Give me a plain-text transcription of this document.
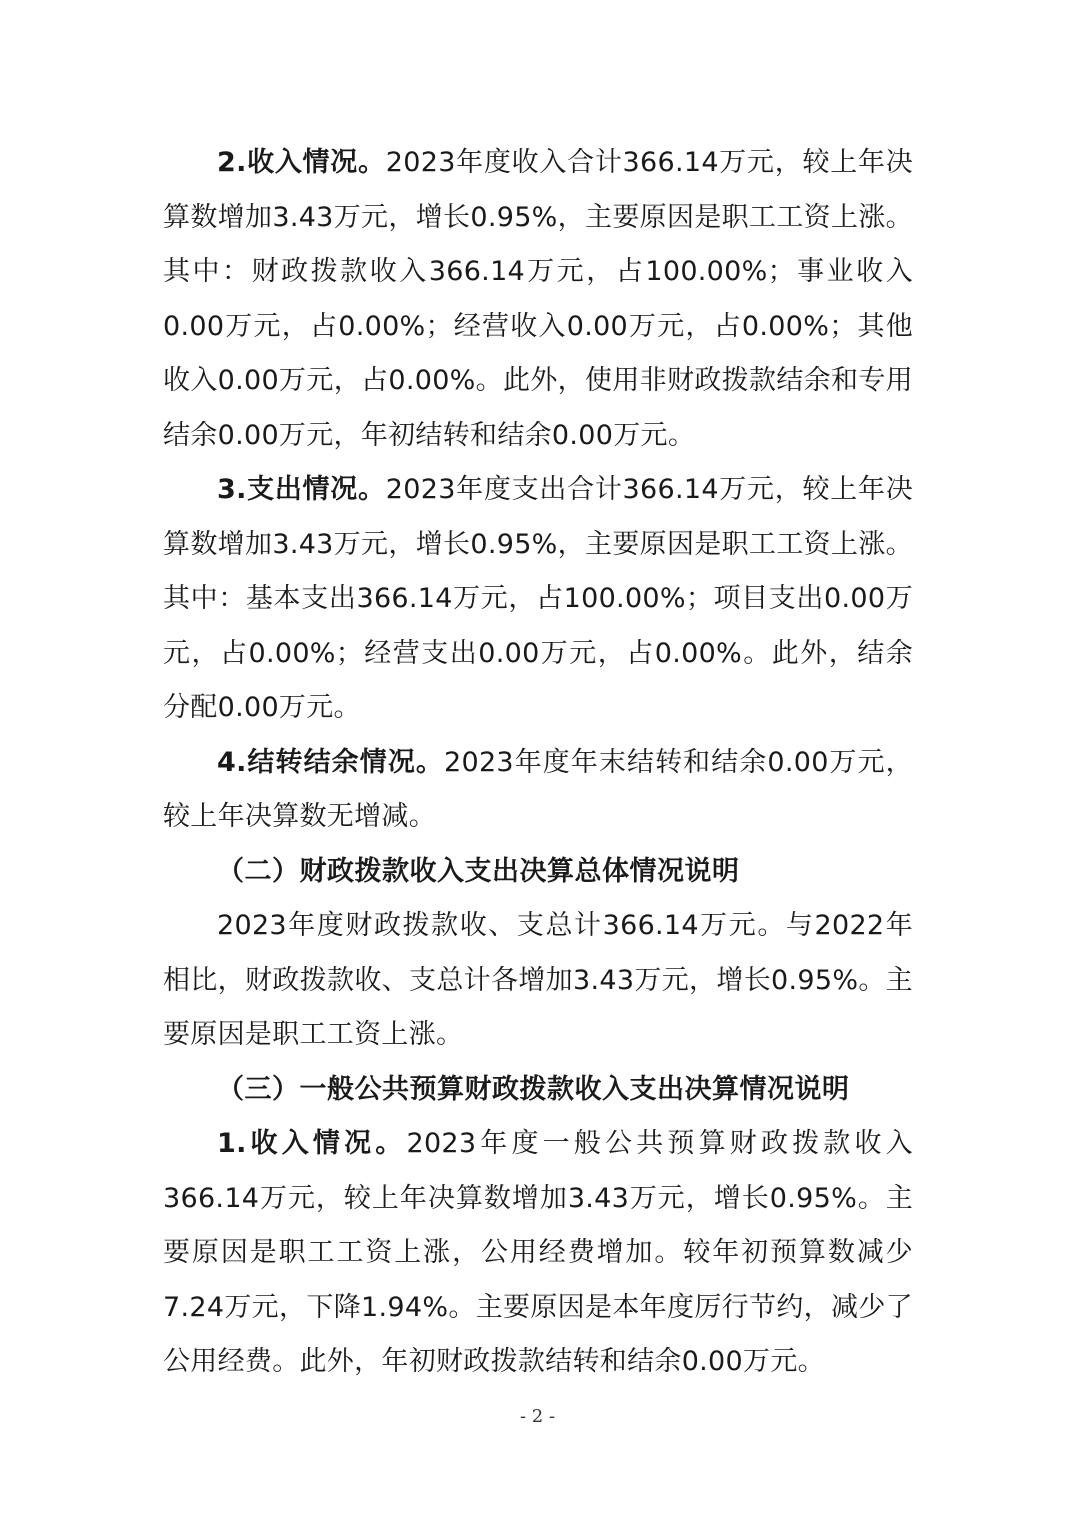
2.收入情况。2023年度收入合计366.14万元，较上年决算数增加3.43万元，增长0.95%，主要原因是职工工资上涨。其中：财政拨款收入366.14万元，占100.00%；事业收入0.00万元，占0.00%；经营收入0.00万元，占0.00%；其他收入0.00万元，占0.00%。此外，使用非财政拨款结余和专用结余0.00万元，年初结转和结余0.00万元。

3.支出情况。2023年度支出合计366.14万元，较上年决算数增加3.43万元，增长0.95%，主要原因是职工工资上涨。其中：基本支出366.14万元，占100.00%；项目支出0.00万元，占0.00%；经营支出0.00万元，占0.00%。此外，结余分配0.00万元。

4.结转结余情况。2023年度年末结转和结余0.00万元，较上年决算数无增减。

（二）财政拨款收入支出决算总体情况说明

2023年度财政拨款收、支总计366.14万元。与2022年相比，财政拨款收、支总计各增加3.43万元，增长0.95%。主要原因是职工工资上涨。

（三）一般公共预算财政拨款收入支出决算情况说明

1.收入情况。2023年度一般公共预算财政拨款收入366.14万元，较上年决算数增加3.43万元，增长0.95%。主要原因是职工工资上涨，公用经费增加。较年初预算数减少7.24万元，下降1.94%。主要原因是本年度厉行节约，减少了公用经费。此外，年初财政拨款结转和结余0.00万元。

- 2 -
